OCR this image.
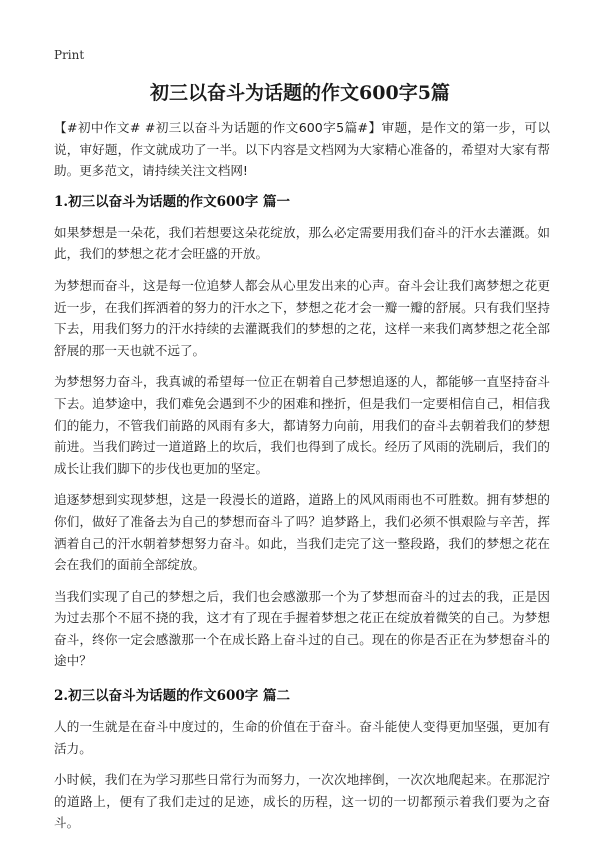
Print
初三以奋斗为话题的作文600字5篇

【#初中作文# #初三以奋斗为话题的作文600字5篇#】审题，是作文的第一步，可以说，审好题，作文就成功了一半。以下内容是文档网为大家精心准备的，希望对大家有帮助。更多范文，请持续关注文档网!

1.初三以奋斗为话题的作文600字 篇一

如果梦想是一朵花，我们若想要这朵花绽放，那么必定需要用我们奋斗的汗水去灌溉。如此，我们的梦想之花才会旺盛的开放。

为梦想而奋斗，这是每一位追梦人都会从心里发出来的心声。奋斗会让我们离梦想之花更近一步，在我们挥洒着的努力的汗水之下，梦想之花才会一瓣一瓣的舒展。只有我们坚持下去，用我们努力的汗水持续的去灌溉我们的梦想的之花，这样一来我们离梦想之花全部舒展的那一天也就不远了。

为梦想努力奋斗，我真诚的希望每一位正在朝着自己梦想追逐的人，都能够一直坚持奋斗下去。追梦途中，我们难免会遇到不少的困难和挫折，但是我们一定要相信自己，相信我们的能力，不管我们前路的风雨有多大，都请努力向前，用我们的奋斗去朝着我们的梦想前进。当我们跨过一道道路上的坎后，我们也得到了成长。经历了风雨的洗刷后，我们的成长让我们脚下的步伐也更加的坚定。

追逐梦想到实现梦想，这是一段漫长的道路，道路上的风风雨雨也不可胜数。拥有梦想的你们，做好了准备去为自己的梦想而奋斗了吗？追梦路上，我们必须不惧艰险与辛苦，挥洒着自己的汗水朝着梦想努力奋斗。如此，当我们走完了这一整段路，我们的梦想之花在会在我们的面前全部绽放。

当我们实现了自己的梦想之后，我们也会感激那一个为了梦想而奋斗的过去的我，正是因为过去那个不屈不挠的我，这才有了现在手握着梦想之花正在绽放着微笑的自己。为梦想奋斗，终你一定会感激那一个在成长路上奋斗过的自己。现在的你是否正在为梦想奋斗的途中？

2.初三以奋斗为话题的作文600字 篇二

人的一生就是在奋斗中度过的，生命的价值在于奋斗。奋斗能使人变得更加坚强，更加有活力。

小时候，我们在为学习那些日常行为而努力，一次次地摔倒，一次次地爬起来。在那泥泞的道路上，便有了我们走过的足迹，成长的历程，这一切的一切都预示着我们要为之奋斗。
